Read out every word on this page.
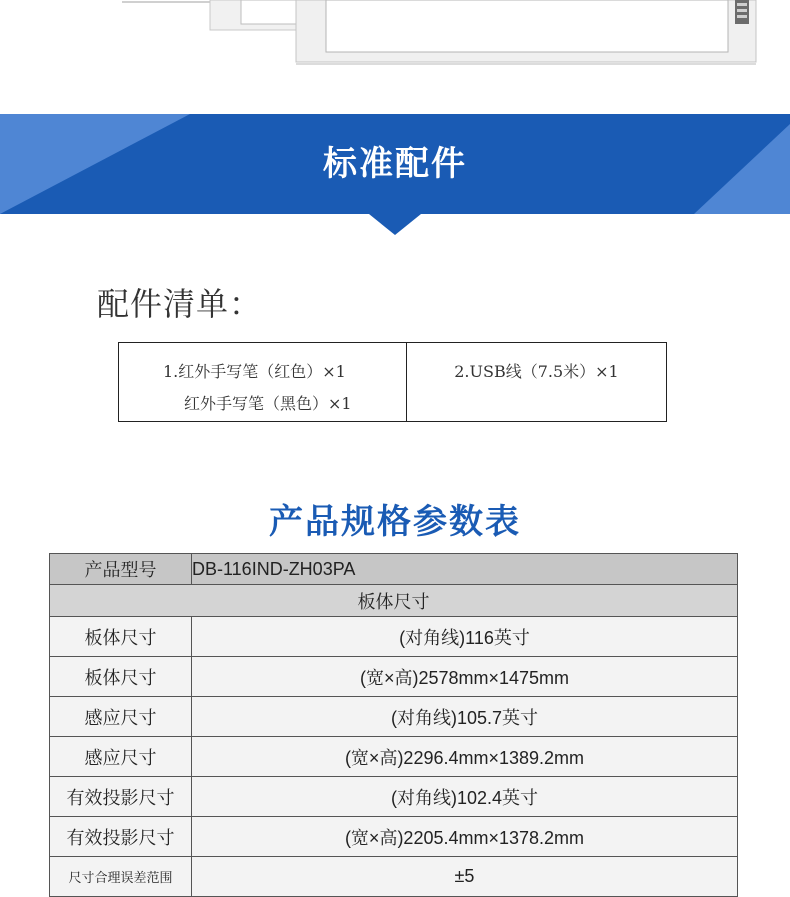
标准配件
配件清单：
1.红外手写笔（红色）×1
红外手写笔（黑色）×1
2.USB线（7.5米）×1
产品规格参数表
产品型号	DB-116IND-ZH03PA
板体尺寸	
板体尺寸	(对角线)116英寸
板体尺寸	(宽×高)2578mm×1475mm
感应尺寸	(对角线)105.7英寸
感应尺寸	(宽×高)2296.4mm×1389.2mm
有效投影尺寸	(对角线)102.4英寸
有效投影尺寸	(宽×高)2205.4mm×1378.2mm
尺寸合理误差范围	±5
